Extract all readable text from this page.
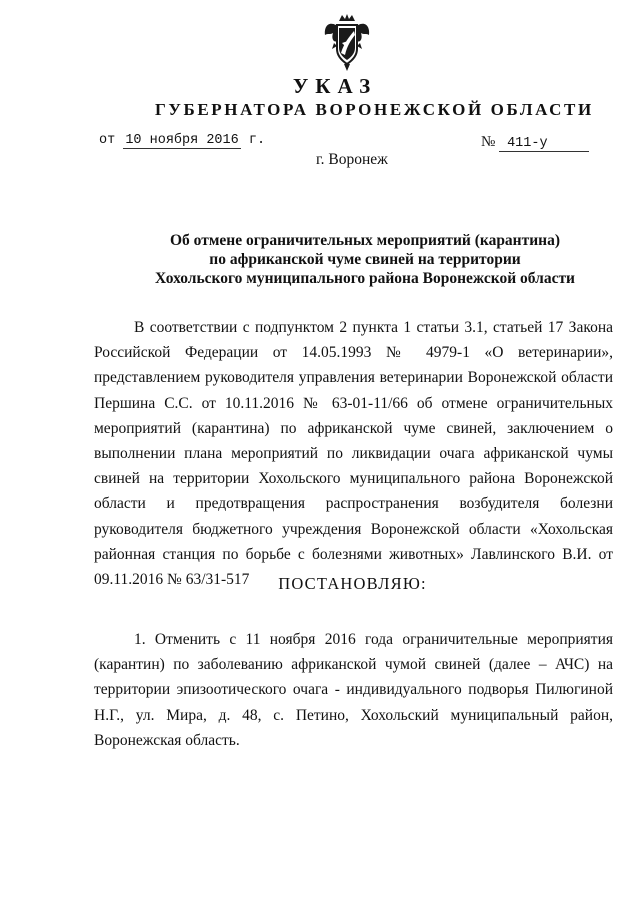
УКАЗ
ГУБЕРНАТОРА ВОРОНЕЖСКОЙ ОБЛАСТИ
от 10 ноября 2016 г.	№ 411-у
г. Воронеж
Об отмене ограничительных мероприятий (карантина)
по африканской чуме свиней на территории
Хохольского муниципального района Воронежской области

В соответствии с подпунктом 2 пункта 1 статьи 3.1, статьей 17 Закона Российской Федерации от 14.05.1993 № 4979-1 «О ветеринарии», представлением руководителя управления ветеринарии Воронежской области Першина С.С. от 10.11.2016 № 63-01-11/66 об отмене ограничительных мероприятий (карантина) по африканской чуме свиней, заключением о выполнении плана мероприятий по ликвидации очага африканской чумы свиней на территории Хохольского муниципального района Воронежской области и предотвращения распространения возбудителя болезни руководителя бюджетного учреждения Воронежской области «Хохольская районная станция по борьбе с болезнями животных» Лавлинского В.И. от 09.11.2016 № 63/31-517	ПОСТАНОВЛЯЮ:

1. Отменить с 11 ноября 2016 года ограничительные мероприятия (карантин) по заболеванию африканской чумой свиней (далее – АЧС) на территории эпизоотического очага - индивидуального подворья Пилюгиной Н.Г., ул. Мира, д. 48, с. Петино, Хохольский муниципальный район, Воронежская область.
